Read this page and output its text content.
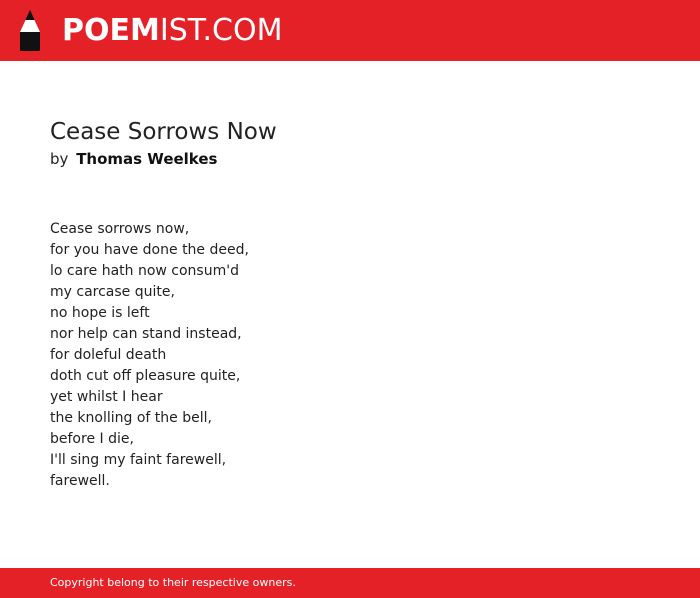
POEMIST.COM
Cease Sorrows Now
by Thomas Weelkes
Cease sorrows now,
for you have done the deed,
lo care hath now consum'd
my carcase quite,
no hope is left
nor help can stand instead,
for doleful death
doth cut off pleasure quite,
yet whilst I hear
the knolling of the bell,
before I die,
I'll sing my faint farewell,
farewell.
Copyright belong to their respective owners.
